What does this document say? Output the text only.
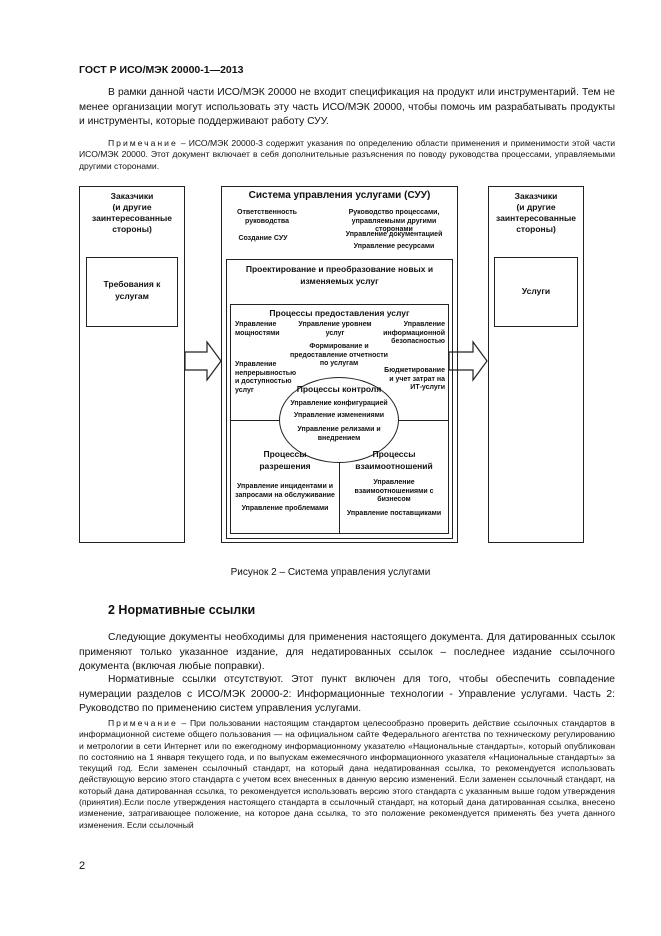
ГОСТ Р ИСО/МЭК 20000-1—2013
В рамки данной части ИСО/МЭК 20000 не входит спецификация на продукт или инструментарий. Тем не менее организации могут использовать эту часть ИСО/МЭК 20000, чтобы помочь им разрабатывать продукты и инструменты, которые поддерживают работу СУУ.
Примечание – ИСО/МЭК 20000-3 содержит указания по определению области применения и применимости этой части ИСО/МЭК 20000. Этот документ включает в себя дополнительные разъяснения по поводу руководства процессами, управляемыми другими сторонами.
Заказчики
(и другие
заинтересованные
стороны)
Требования к
услугам
Заказчики
(и другие
заинтересованные
стороны)
Услуги
Система управления услугами (СУУ)
Ответственность
руководства
Руководство процессами,
управляемыми другими сторонами
Создание СУУ
Управление документацией
Управление ресурсами
Проектирование и преобразование новых и
изменяемых услуг
Процессы предоставления услуг
Управление
мощностями
Управление уровнем
услуг
Управление
информационной
безопасностью
Формирование и
предоставление отчетности
по услугам
Управление
непрерывностью
и доступностью
услуг
Бюджетирование
и учет затрат на
ИТ-услуги
Процессы контроля
Управление конфигурацией
Управление изменениями
Управление релизами и
внедрением
Процессы
разрешения
Управление инцидентами и
запросами на обслуживание
Управление проблемами
Процессы
взаимоотношений
Управление
взаимоотношениями с
бизнесом
Управление поставщиками
Рисунок 2 – Система управления услугами
2 Нормативные ссылки
Следующие документы необходимы для применения настоящего документа. Для датированных ссылок применяют только указанное издание, для недатированных ссылок – последнее издание ссылочного документа (включая любые поправки).
Нормативные ссылки отсутствуют. Этот пункт включен для того, чтобы обеспечить совпадение нумерации разделов с ИСО/МЭК 20000-2: Информационные технологии - Управление услугами. Часть 2: Руководство по применению систем управления услугами.
Примечание – При пользовании настоящим стандартом целесообразно проверить действие ссылочных стандартов в информационной системе общего пользования — на официальном сайте Федерального агентства по техническому регулированию и метрологии в сети Интернет или по ежегодному информационному указателю «Национальные стандарты», который опубликован по состоянию на 1 января текущего года, и по выпускам ежемесячного информационного указателя «Национальные стандарты» за текущий год. Если заменен ссылочный стандарт, на который дана недатированная ссылка, то рекомендуется использовать действующую версию этого стандарта с учетом всех внесенных в данную версию изменений. Если заменен ссылочный стандарт, на который дана датированная ссылка, то рекомендуется использовать версию этого стандарта с указанным выше годом утверждения (принятия).Если после утверждения настоящего стандарта в ссылочный стандарт, на который дана датированная ссылка, внесено изменение, затрагивающее положение, на которое дана ссылка, то это положение рекомендуется применять без учета данного изменения. Если ссылочный
2
